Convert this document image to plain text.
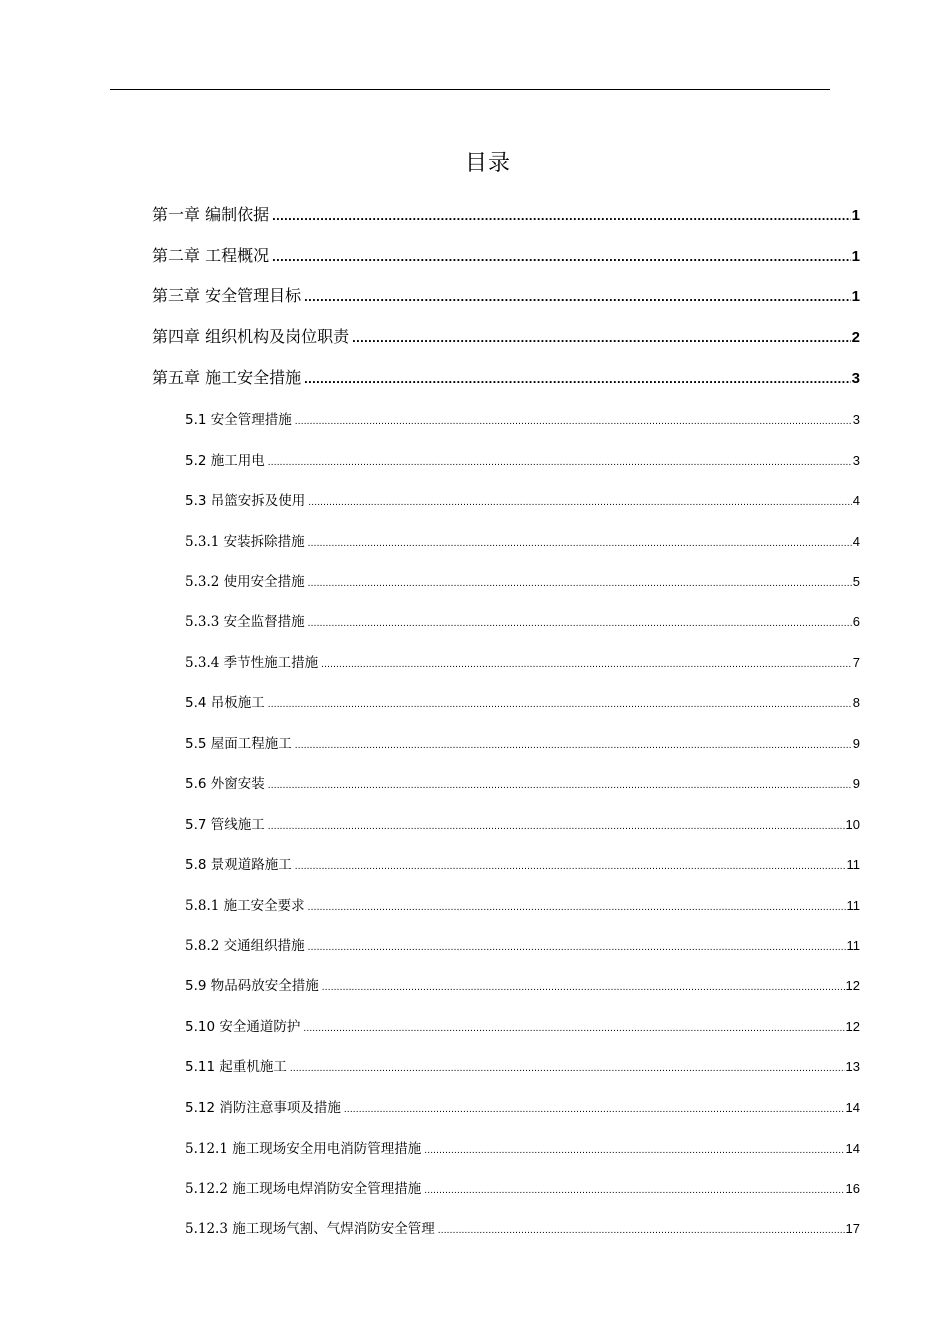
目录
第一章 编制依据 .....	1
第二章 工程概况 .....	1
第三章 安全管理目标 .....	1
第四章 组织机构及岗位职责 .....	2
第五章 施工安全措施 .....	3
5.1 安全管理措施 .....	3
5.2 施工用电 .....	3
5.3 吊篮安拆及使用 .....	4
5.3.1 安装拆除措施 .....	4
5.3.2 使用安全措施 .....	5
5.3.3 安全监督措施 .....	6
5.3.4 季节性施工措施 .....	7
5.4 吊板施工 .....	8
5.5 屋面工程施工 .....	9
5.6 外窗安装 .....	9
5.7 管线施工 .....	10
5.8 景观道路施工 .....	11
5.8.1 施工安全要求 .....	11
5.8.2 交通组织措施 .....	11
5.9 物品码放安全措施 .....	12
5.10 安全通道防护 .....	12
5.11 起重机施工 .....	13
5.12 消防注意事项及措施 .....	14
5.12.1 施工现场安全用电消防管理措施 .....	14
5.12.2 施工现场电焊消防安全管理措施 .....	16
5.12.3 施工现场气割、气焊消防安全管理 .....	17
